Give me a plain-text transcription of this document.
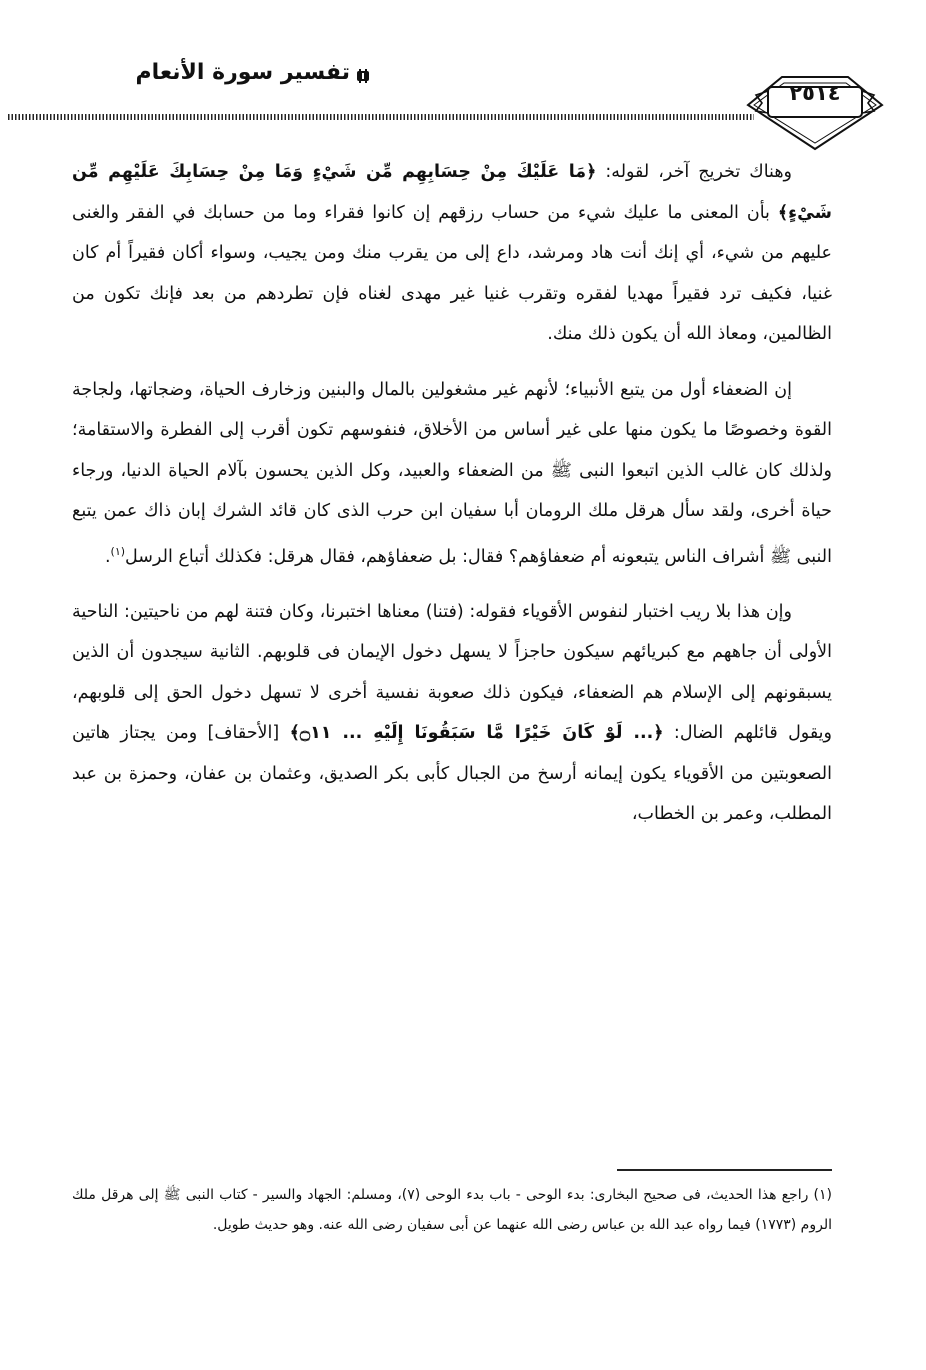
تفسير سورة الأنعام
٢٥١٤

وهناك تخريج آخر، لقوله: ﴿مَا عَلَيْكَ مِنْ حِسَابِهِم مِّن شَيْءٍ وَمَا مِنْ حِسَابِكَ عَلَيْهِم مِّن شَيْءٍ﴾ بأن المعنى ما عليك شيء من حساب رزقهم إن كانوا فقراء وما من حسابك في الفقر والغنى عليهم من شيء، أي إنك أنت هاد ومرشد، داع إلى من يقرب منك ومن يجيب، وسواء أكان فقيراً أم كان غنيا، فكيف ترد فقيراً مهديا لفقره وتقرب غنيا غير مهدى لغناه فإن تطردهم من بعد فإنك تكون من الظالمين، ومعاذ الله أن يكون ذلك منك.

إن الضعفاء أول من يتبع الأنبياء؛ لأنهم غير مشغولين بالمال والبنين وزخارف الحياة، وضجاتها، ولجاجة القوة وخصوصًا ما يكون منها على غير أساس من الأخلاق، فنفوسهم تكون أقرب إلى الفطرة والاستقامة؛ ولذلك كان غالب الذين اتبعوا النبى ﷺ من الضعفاء والعبيد، وكل الذين يحسون بآلام الحياة الدنيا، ورجاء حياة أخرى، ولقد سأل هرقل ملك الرومان أبا سفيان ابن حرب الذى كان قائد الشرك إبان ذاك عمن يتبع النبى ﷺ أشراف الناس يتبعونه أم ضعفاؤهم؟ فقال: بل ضعفاؤهم، فقال هرقل: فكذلك أتباع الرسل$^{(١)}$.

وإن هذا بلا ريب اختبار لنفوس الأقوياء فقوله: (فتنا) معناها اختبرنا، وكان فتنة لهم من ناحيتين: الناحية الأولى أن جاههم مع كبريائهم سيكون حاجزاً لا يسهل دخول الإيمان فى قلوبهم. الثانية سيجدون أن الذين يسبقونهم إلى الإسلام هم الضعفاء، فيكون ذلك صعوبة نفسية أخرى لا تسهل دخول الحق إلى قلوبهم، ويقول قائلهم الضال: ﴿... لَوْ كَانَ خَيْرًا مَّا سَبَقُونَا إِلَيْهِ ... ۝١١﴾ [الأحقاف] ومن يجتاز هاتين الصعوبتين من الأقوياء يكون إيمانه أرسخ من الجبال كأبى بكر الصديق، وعثمان بن عفان، وحمزة بن عبد المطلب، وعمر بن الخطاب،

(١) راجع هذا الحديث، فى صحيح البخارى: بدء الوحى - باب بدء الوحى (٧)، ومسلم: الجهاد والسير - كتاب النبى ﷺ إلى هرقل ملك الروم (١٧٧٣) فيما رواه عبد الله بن عباس رضى الله عنهما عن أبى سفيان رضى الله عنه. وهو حديث طويل.
